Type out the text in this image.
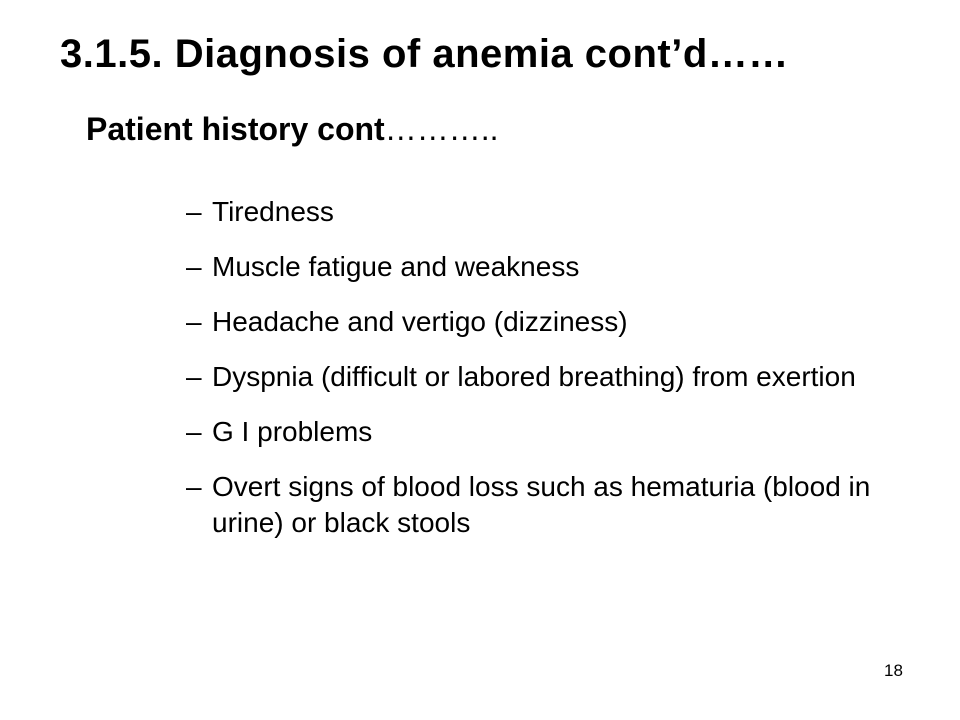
3.1.5. Diagnosis of anemia cont’d……
Patient history cont………..
– Tiredness
– Muscle fatigue and weakness
– Headache and vertigo (dizziness)
– Dyspnia (difficult or labored breathing) from exertion
– G I problems
– Overt signs of blood loss such as hematuria (blood in urine) or black stools
18
